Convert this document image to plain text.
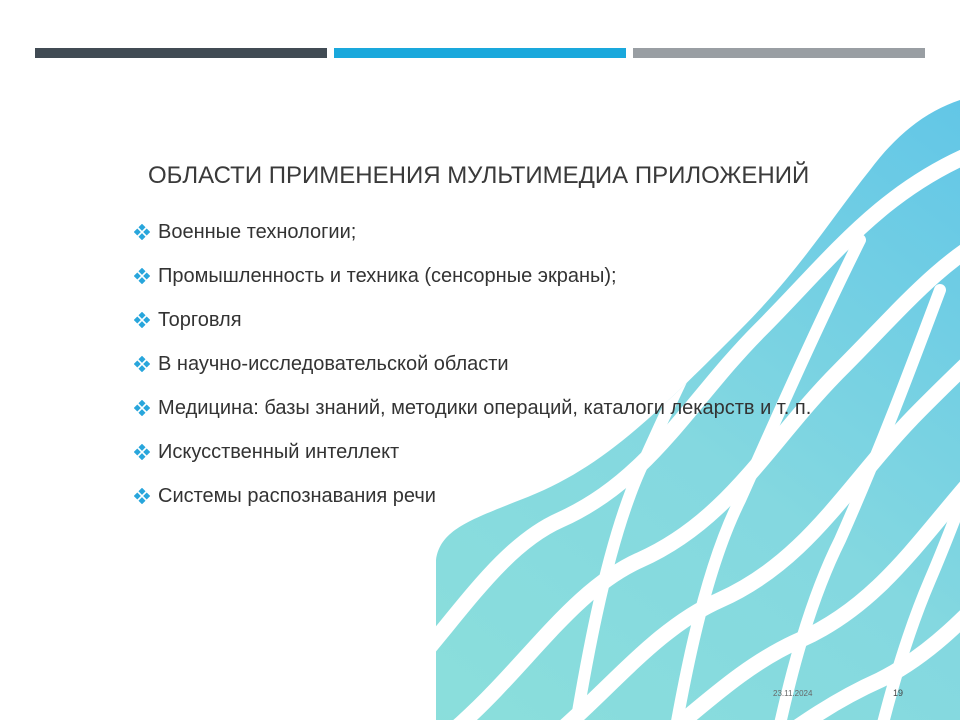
ОБЛАСТИ ПРИМЕНЕНИЯ МУЛЬТИМЕДИА ПРИЛОЖЕНИЙ
Военные технологии;
Промышленность и техника (сенсорные экраны);
Торговля
В научно-исследовательской области
Медицина: базы знаний, методики операций, каталоги лекарств и т. п.
Искусственный интеллект
Системы распознавания речи
23.11.2024	19
